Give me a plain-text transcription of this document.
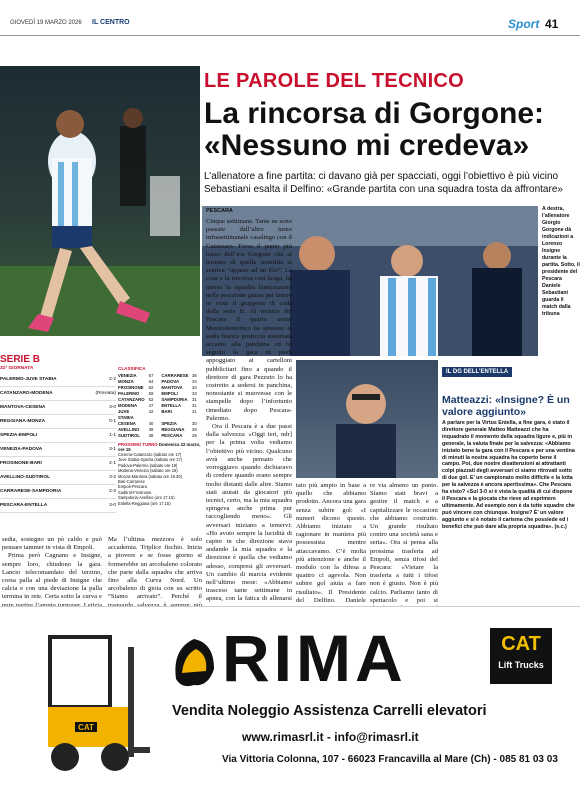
GIOVEDÌ 19 MARZO 2026 IL CENTRO	Sport 41
LE PAROLE DEL TECNICO
La rincorsa di Gorgone:
«Nessuno mi credeva»
L’allenatore a fine partita: ci davano già per spacciati, oggi l’obiettivo è più vicino Sebastiani esalta il Delfino: «Grande partita con una squadra tosta da affrontare»
A destra, l’allenatore Giorgio Gorgone dà indicazioni a Lorenzo Insigne durante la partita. Sotto, il presidente del Pescara Daniele Sebastiani guarda il match dalla tribuna
SERIE B
31ª GIORNATA
PALERMO-JUVE STABIA	2-2
CATANZARO-MODENA	(Rinviata)
MANTOVA-CESENA	3-0
REGGIANA-MONZA	0-1
SPEZIA-EMPOLI	1-1
VENEZIA-PADOVA	3-1
FROSINONE-BARI	2-1
AVELLINO-SUDTIROL	3-2
CARRARESE-SAMPDORIA	2-3
PESCARA-ENTELLA	3-0
CLASSIFICA
VENEZIA	67	CARRARESE 36
MONZA	64	PADOVA	34
FROSINONE	62	MANTOVA	34
PALERMO	59	EMPOLI	33
CATANZARO 52	SAMPDORIA	31
MODENA	47	ENTELLA	31
JUVE STABIA
42	BARI	31
CESENA	40	SPEZIA	30
AVELLINO	39	REGGIANA	28
SUDTIROL	38	PESCARA	29
PROSSIMO TURNO Domenica 22 marzo, ore 15
Cesena-Catanzaro (sabato ore 17)
Juve Stabia-Spezia (sabato ore 17)
Padova-Palermo (sabato ore 19)
Modena-Venezia (sabato ore 19)
Monza-Mantova (sabato ore 19.30)
Bari-Carrarese
Empoli-Pescara
Sudtirol-Frosinone
Sampdoria-Avellino (ore 17.15)
Entella-Reggiana (ore 17.15)

sedia, sostegno un pò caldo e può pensare tammer in vista di Empoli.

Prima però Cagnano e Insigne, sempre loro, chiudono la gara. Lancio telecomandato del terzino, corsa palla al piede di Insigne che calcia e con una deviazione la palla termina in rete. Certa sotto la curva e

Ma l’ultima mezzora è solo accademia. Triplice fischio. Inizia a piovere e se fosse giorno si formerebbe un arcobaleno colorato che parte dalla squadra che arriva fino alla Curva Nord. Un arcobaleno di gioia con su scritto “Siamo arrivato”. Perché il

PESCARA

Cinque settimane. Tante ne sono passate dall’altro turno infrasettimanale casalingo con il Catanzaro. Forse il punto più basso dell’era Gorgone che al termine di quella sconfitta si sentiva “appeso ad un filo”. La cosa e la rincorsa così lunga, ha messo la squadra biancazzurra nella posizione giusta per tenere in vista il gruppone di coda della serie B. Al tecnico del Pescara il quarto uomo Mastrodomenico ha spostato la sedia bianca posticcia sistemata accanto alla panchina ed ha seguito la gara in piedi appoggiato ai cartelloni pubblicitari fino a quando il direttore di gara Pezzuto lo ha costretto a sedersi in panchina, nonostante si muovesse con le stampelle dopo l’infortunio rimediato dopo Pescara-Palermo.

Ora il Pescara è a due passi dalla salvezza: «Oggi ieri, ndr] per la prima volta vediamo l’obiettivo più vicino. Qualcuno avrà anche pensato che vorreggiavo quando dichiaravo di credere quando erano sempre molto distanti dalle altre. Siamo stati aiutati da giocatori più tecnici, certo, ma la mia squadra spingeva anche prima pur raccogliendo meno». Gli avversari iniziano a temervi: «Ho avuto sempre la lucidità di capire in che direzione stava andando la mia squadra e la direzione è quella che vediamo adesso, compresi gli avversari. Un cambio di marcia evidente nell’ultimo mese: «Abbiamo trasceso tante settimane in apnea, con la fatica di allenarsi

tato più ampio in base a quello che abbiamo prodotto. Ancora una gara senza subire gol: «I numeri dicono questo. Abbiamo iniziato a ragionare in maniera più possessista mentre attaccavamo. C’è molta più attenzione e anche il modulo con la difesa a quattro ci agevola. Non subire gol aiuta a fare risultato». Il Presidente del Delfino, Daniele

re via almeno un punto. Siamo stati bravi a gestire il match e a capitalizzare le occasioni che abbiamo costruito. Un grande risultato contro una società sana e seria». Ora si pensa alla prossima trasferta ad Empoli, senza tifosi del Pescara: «Vietare la trasferta a tutti i tifosi non è giusto. Non è più calcio. Parliamo tanto di spettacolo e poi si

IL DG DELL’ENTELLA
Matteazzi: «Insigne? È un valore aggiunto»
A parlare per la Virtus Entella, a fine gara, è stato il direttore generale Matteo Matteazzi che ha inquadrato il momento della squadra ligure e, più in generale, la valuta finale per la salvezza: «Abbiamo iniziato bene la gara con il Pescara e per una ventina di minuti la nostra squadra ha coperto bene il campo. Poi, due nostre disattenzioni ai attrattanti colpi piazzati degli avversari ci siamo ritrovati sotto di due gol. E’ un campionato molto difficile e la lotta per la salvezza è ancora apertissima». Che Pescara ha visto? «Sul 3-0 si è vista la qualità di cui dispone il Pescara e la giocata che rieve ad esprimere ultimamente. Ad esempio non è da tutte squadre che può vincere con chiunque. Insigne? È’ un valore aggiunto e si è notato il carisma che possiede ed i benefici che può dare alla propria squadra». (e.c.)
CAT
RIMA	CAT
Lift Trucks
Vendita Noleggio Assistenza Carrelli elevatori
www.rimasrl.it - info@rimasrl.it
Via Vittoria Colonna, 107 - 66023 Francavilla al Mare (Ch) - 085 81 03 03
